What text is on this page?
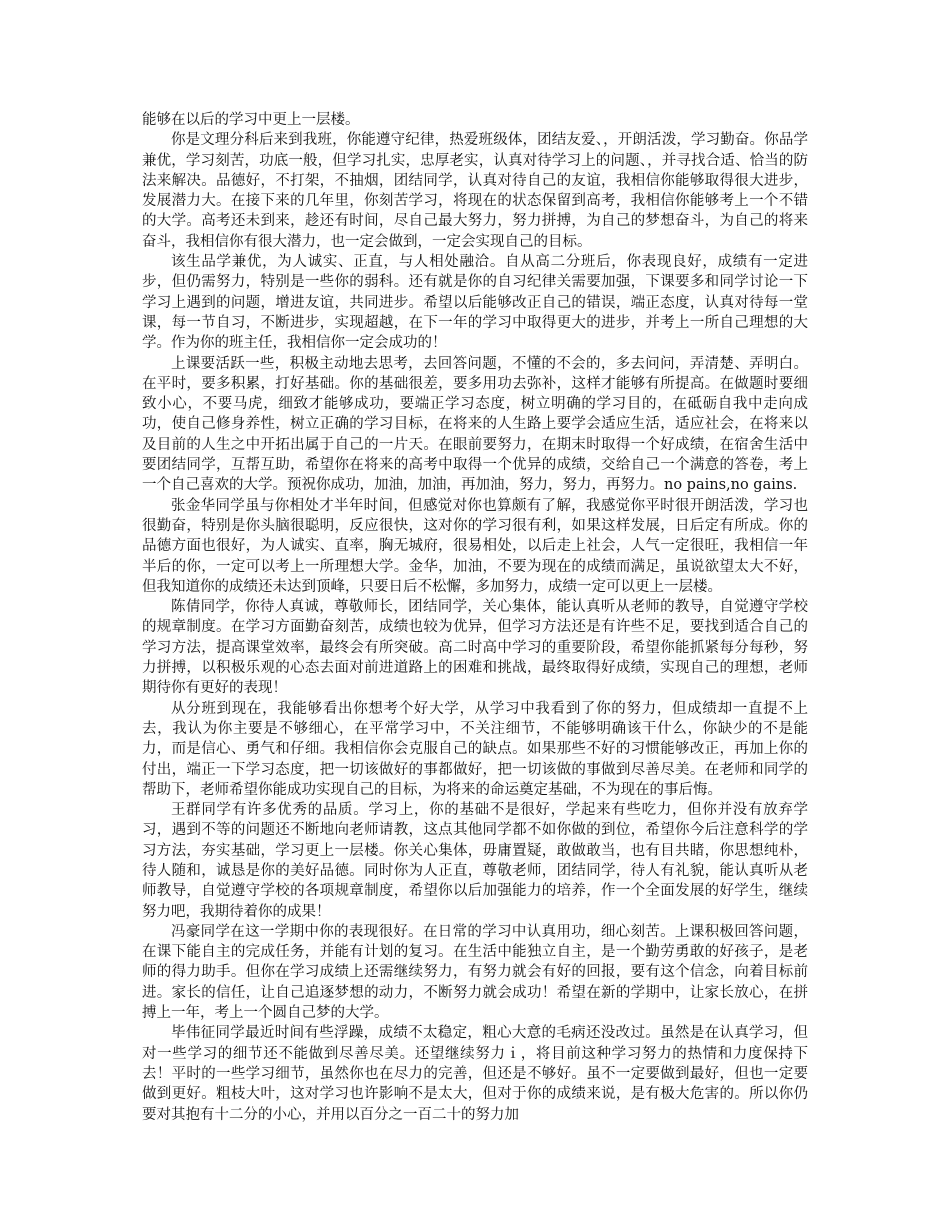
能够在以后的学习中更上一层楼。

你是文理分科后来到我班，你能遵守纪律，热爱班级体，团结友爱、，开朗活泼，学习勤奋。你品学兼优，学习刻苦，功底一般，但学习扎实，忠厚老实，认真对待学习上的问题、，并寻找合适、恰当的防法来解决。品德好，不打架，不抽烟，团结同学，认真对待自己的友谊，我相信你能够取得很大进步，发展潜力大。在接下来的几年里，你刻苦学习，将现在的状态保留到高考，我相信你能够考上一个不错的大学。高考还未到来，趁还有时间，尽自己最大努力，努力拼搏，为自己的梦想奋斗，为自己的将来奋斗，我相信你有很大潜力，也一定会做到，一定会实现自己的目标。

该生品学兼优，为人诚实、正直，与人相处融洽。自从高二分班后，你表现良好，成绩有一定进步，但仍需努力，特别是一些你的弱科。还有就是你的自习纪律关需要加强，下课要多和同学讨论一下学习上遇到的问题，增进友谊，共同进步。希望以后能够改正自己的错误，端正态度，认真对待每一堂课，每一节自习，不断进步，实现超越，在下一年的学习中取得更大的进步，并考上一所自己理想的大学。作为你的班主任，我相信你一定会成功的！

上课要活跃一些，积极主动地去思考，去回答问题，不懂的不会的，多去问问，弄清楚、弄明白。在平时，要多积累，打好基础。你的基础很差，要多用功去弥补，这样才能够有所提高。在做题时要细致小心，不要马虎，细致才能够成功，要端正学习态度，树立明确的学习目的，在砥砺自我中走向成功，使自己修身养性，树立正确的学习目标，在将来的人生路上要学会适应生活，适应社会，在将来以及目前的人生之中开拓出属于自己的一片天。在眼前要努力，在期末时取得一个好成绩，在宿舍生活中要团结同学，互帮互助，希望你在将来的高考中取得一个优异的成绩，交给自己一个满意的答卷，考上一个自己喜欢的大学。预祝你成功，加油，加油，再加油，努力，努力，再努力。no pains,no gains.

张金华同学虽与你相处才半年时间，但感觉对你也算颇有了解，我感觉你平时很开朗活泼，学习也很勤奋，特别是你头脑很聪明，反应很快，这对你的学习很有利，如果这样发展，日后定有所成。你的品德方面也很好，为人诚实、直率，胸无城府，很易相处，以后走上社会，人气一定很旺，我相信一年半后的你，一定可以考上一所理想大学。金华，加油，不要为现在的成绩而满足，虽说欲望太大不好，但我知道你的成绩还未达到顶峰，只要日后不松懈，多加努力，成绩一定可以更上一层楼。

陈倩同学，你待人真诚，尊敬师长，团结同学，关心集体，能认真听从老师的教导，自觉遵守学校的规章制度。在学习方面勤奋刻苦，成绩也较为优异，但学习方法还是有许些不足，要找到适合自己的学习方法，提高课堂效率，最终会有所突破。高二时高中学习的重要阶段，希望你能抓紧每分每秒，努力拼搏，以积极乐观的心态去面对前进道路上的困难和挑战，最终取得好成绩，实现自己的理想，老师期待你有更好的表现！

从分班到现在，我能够看出你想考个好大学，从学习中我看到了你的努力，但成绩却一直提不上去，我认为你主要是不够细心，在平常学习中，不关注细节，不能够明确该干什么，你缺少的不是能力，而是信心、勇气和仔细。我相信你会克服自己的缺点。如果那些不好的习惯能够改正，再加上你的付出，端正一下学习态度，把一切该做好的事都做好，把一切该做的事做到尽善尽美。在老师和同学的帮助下，老师希望你能成功实现自己的目标，为将来的命运奠定基础，不为现在的事后悔。

王群同学有许多优秀的品质。学习上，你的基础不是很好，学起来有些吃力，但你并没有放弃学习，遇到不等的问题还不断地向老师请教，这点其他同学都不如你做的到位，希望你今后注意科学的学习方法，夯实基础，学习更上一层楼。你关心集体，毋庸置疑，敢做敢当，也有目共睹，你思想纯朴，待人随和，诚恳是你的美好品德。同时你为人正直，尊敬老师，团结同学，待人有礼貌，能认真听从老师教导，自觉遵守学校的各项规章制度，希望你以后加强能力的培养，作一个全面发展的好学生，继续努力吧，我期待着你的成果！

冯豪同学在这一学期中你的表现很好。在日常的学习中认真用功，细心刻苦。上课积极回答问题，在课下能自主的完成任务，并能有计划的复习。在生活中能独立自主，是一个勤劳勇敢的好孩子，是老师的得力助手。但你在学习成绩上还需继续努力，有努力就会有好的回报，要有这个信念，向着目标前进。家长的信任，让自己追逐梦想的动力，不断努力就会成功！希望在新的学期中，让家长放心，在拼搏上一年，考上一个圆自己梦的大学。

毕伟征同学最近时间有些浮躁，成绩不太稳定，粗心大意的毛病还没改过。虽然是在认真学习，但对一些学习的细节还不能做到尽善尽美。还望继续努力ｉ，将目前这种学习努力的热情和力度保持下去！平时的一些学习细节，虽然你也在尽力的完善，但还是不够好。虽不一定要做到最好，但也一定要做到更好。粗枝大叶，这对学习也许影响不是太大，但对于你的成绩来说，是有极大危害的。所以你仍要对其抱有十二分的小心，并用以百分之一百二十的努力加
